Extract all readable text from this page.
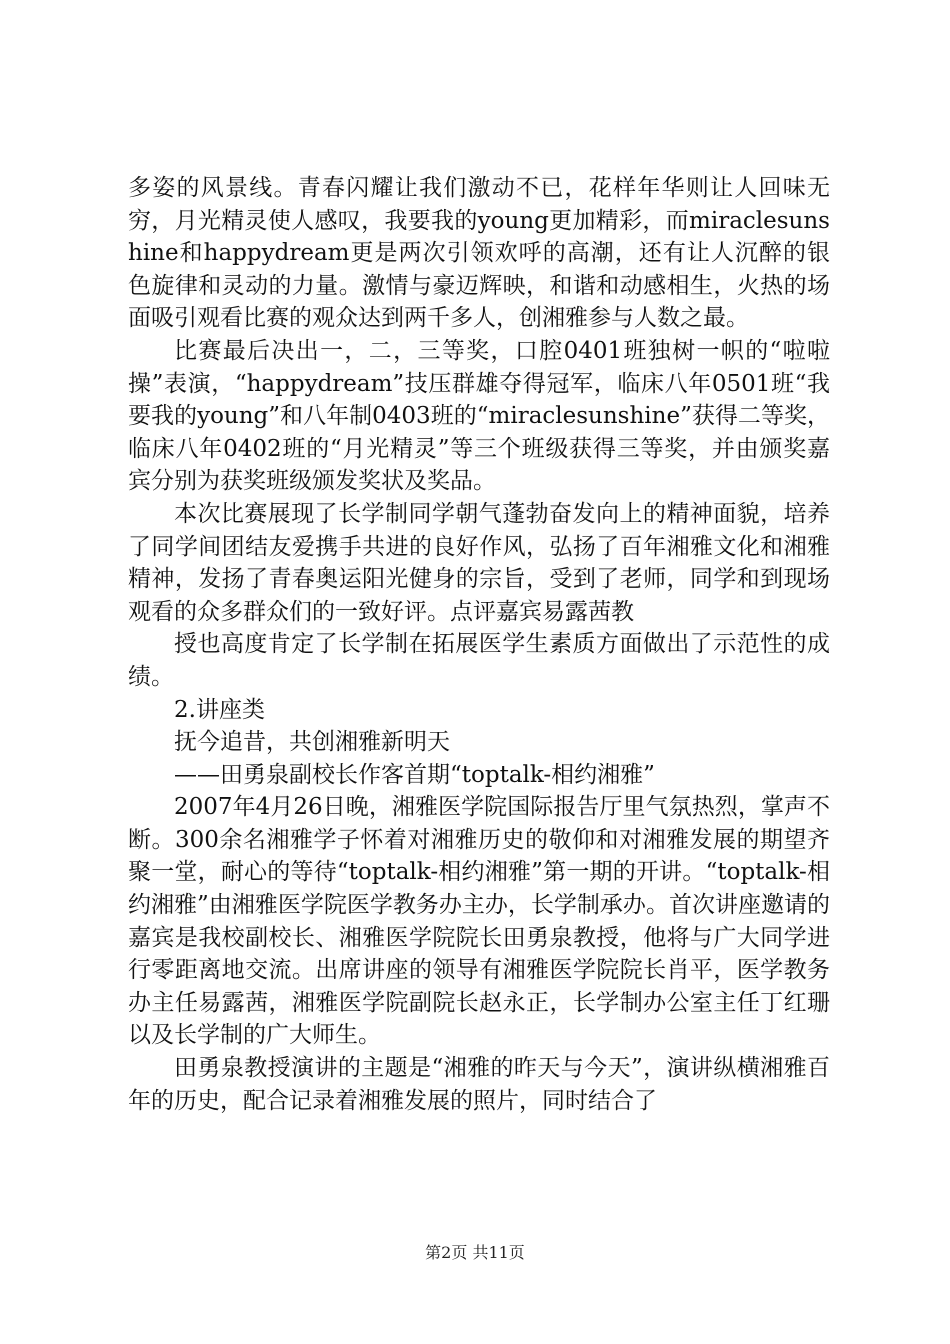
多姿的风景线。青春闪耀让我们激动不已，花样年华则让人回味无穷，月光精灵使人感叹，我要我的young更加精彩，而miraclesunshine和happydream更是两次引领欢呼的高潮，还有让人沉醉的银色旋律和灵动的力量。激情与豪迈辉映，和谐和动感相生，火热的场面吸引观看比赛的观众达到两千多人，创湘雅参与人数之最。

比赛最后决出一，二，三等奖，口腔0401班独树一帜的“啦啦操”表演，“happydream”技压群雄夺得冠军，临床八年0501班“我要我的young”和八年制0403班的“miraclesunshine”获得二等奖，临床八年0402班的“月光精灵”等三个班级获得三等奖，并由颁奖嘉宾分别为获奖班级颁发奖状及奖品。

本次比赛展现了长学制同学朝气蓬勃奋发向上的精神面貌，培养了同学间团结友爱携手共进的良好作风，弘扬了百年湘雅文化和湘雅精神，发扬了青春奥运阳光健身的宗旨，受到了老师，同学和到现场观看的众多群众们的一致好评。点评嘉宾易露茜教

授也高度肯定了长学制在拓展医学生素质方面做出了示范性的成绩。

2.讲座类

抚今追昔，共创湘雅新明天

——田勇泉副校长作客首期“toptalk-相约湘雅”

2007年4月26日晚，湘雅医学院国际报告厅里气氛热烈，掌声不断。300余名湘雅学子怀着对湘雅历史的敬仰和对湘雅发展的期望齐聚一堂，耐心的等待“toptalk-相约湘雅”第一期的开讲。“toptalk-相约湘雅”由湘雅医学院医学教务办主办，长学制承办。首次讲座邀请的嘉宾是我校副校长、湘雅医学院院长田勇泉教授，他将与广大同学进行零距离地交流。出席讲座的领导有湘雅医学院院长肖平，医学教务办主任易露茜，湘雅医学院副院长赵永正，长学制办公室主任丁红珊以及长学制的广大师生。

田勇泉教授演讲的主题是“湘雅的昨天与今天”，演讲纵横湘雅百年的历史，配合记录着湘雅发展的照片，同时结合了

第2页 共11页
